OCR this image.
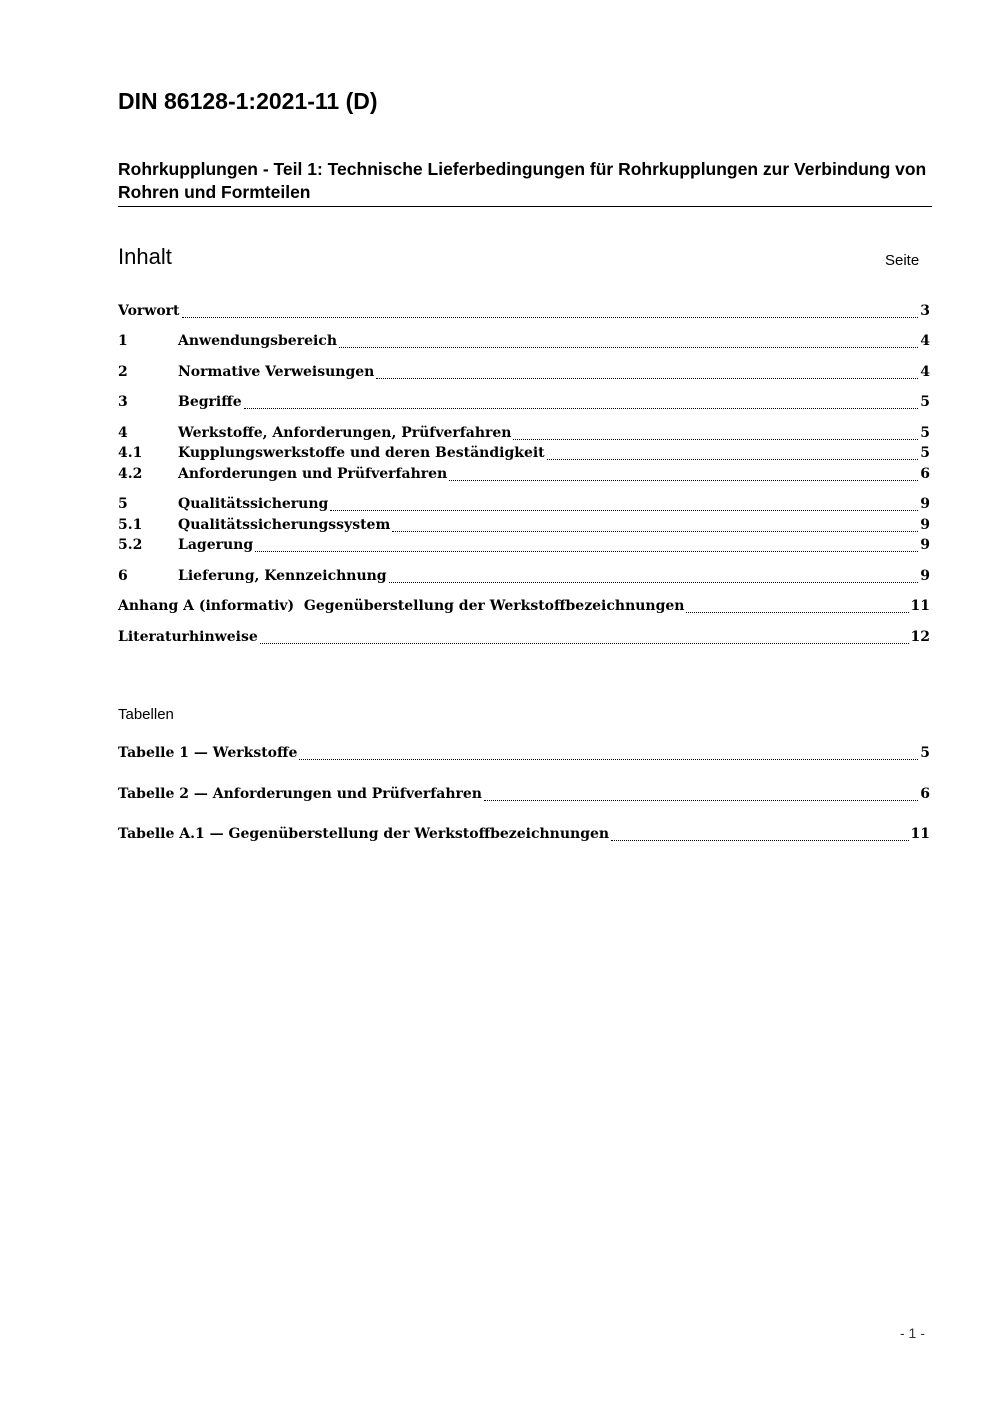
DIN 86128-1:2021-11 (D)
Rohrkupplungen - Teil 1: Technische Lieferbedingungen für Rohrkupplungen zur Verbindung von Rohren und Formteilen
Inhalt	Seite
Vorwort	3
1	Anwendungsbereich	4
2	Normative Verweisungen	4
3	Begriffe	5
4	Werkstoffe, Anforderungen, Prüfverfahren	5
4.1	Kupplungswerkstoffe und deren Beständigkeit	5
4.2	Anforderungen und Prüfverfahren	6
5	Qualitätssicherung	9
5.1	Qualitätssicherungssystem	9
5.2	Lagerung	9
6	Lieferung, Kennzeichnung	9
Anhang A (informativ)  Gegenüberstellung der Werkstoffbezeichnungen	11
Literaturhinweise	12
Tabellen
Tabelle 1 — Werkstoffe	5
Tabelle 2 — Anforderungen und Prüfverfahren	6
Tabelle A.1 — Gegenüberstellung der Werkstoffbezeichnungen	11
- 1 -
